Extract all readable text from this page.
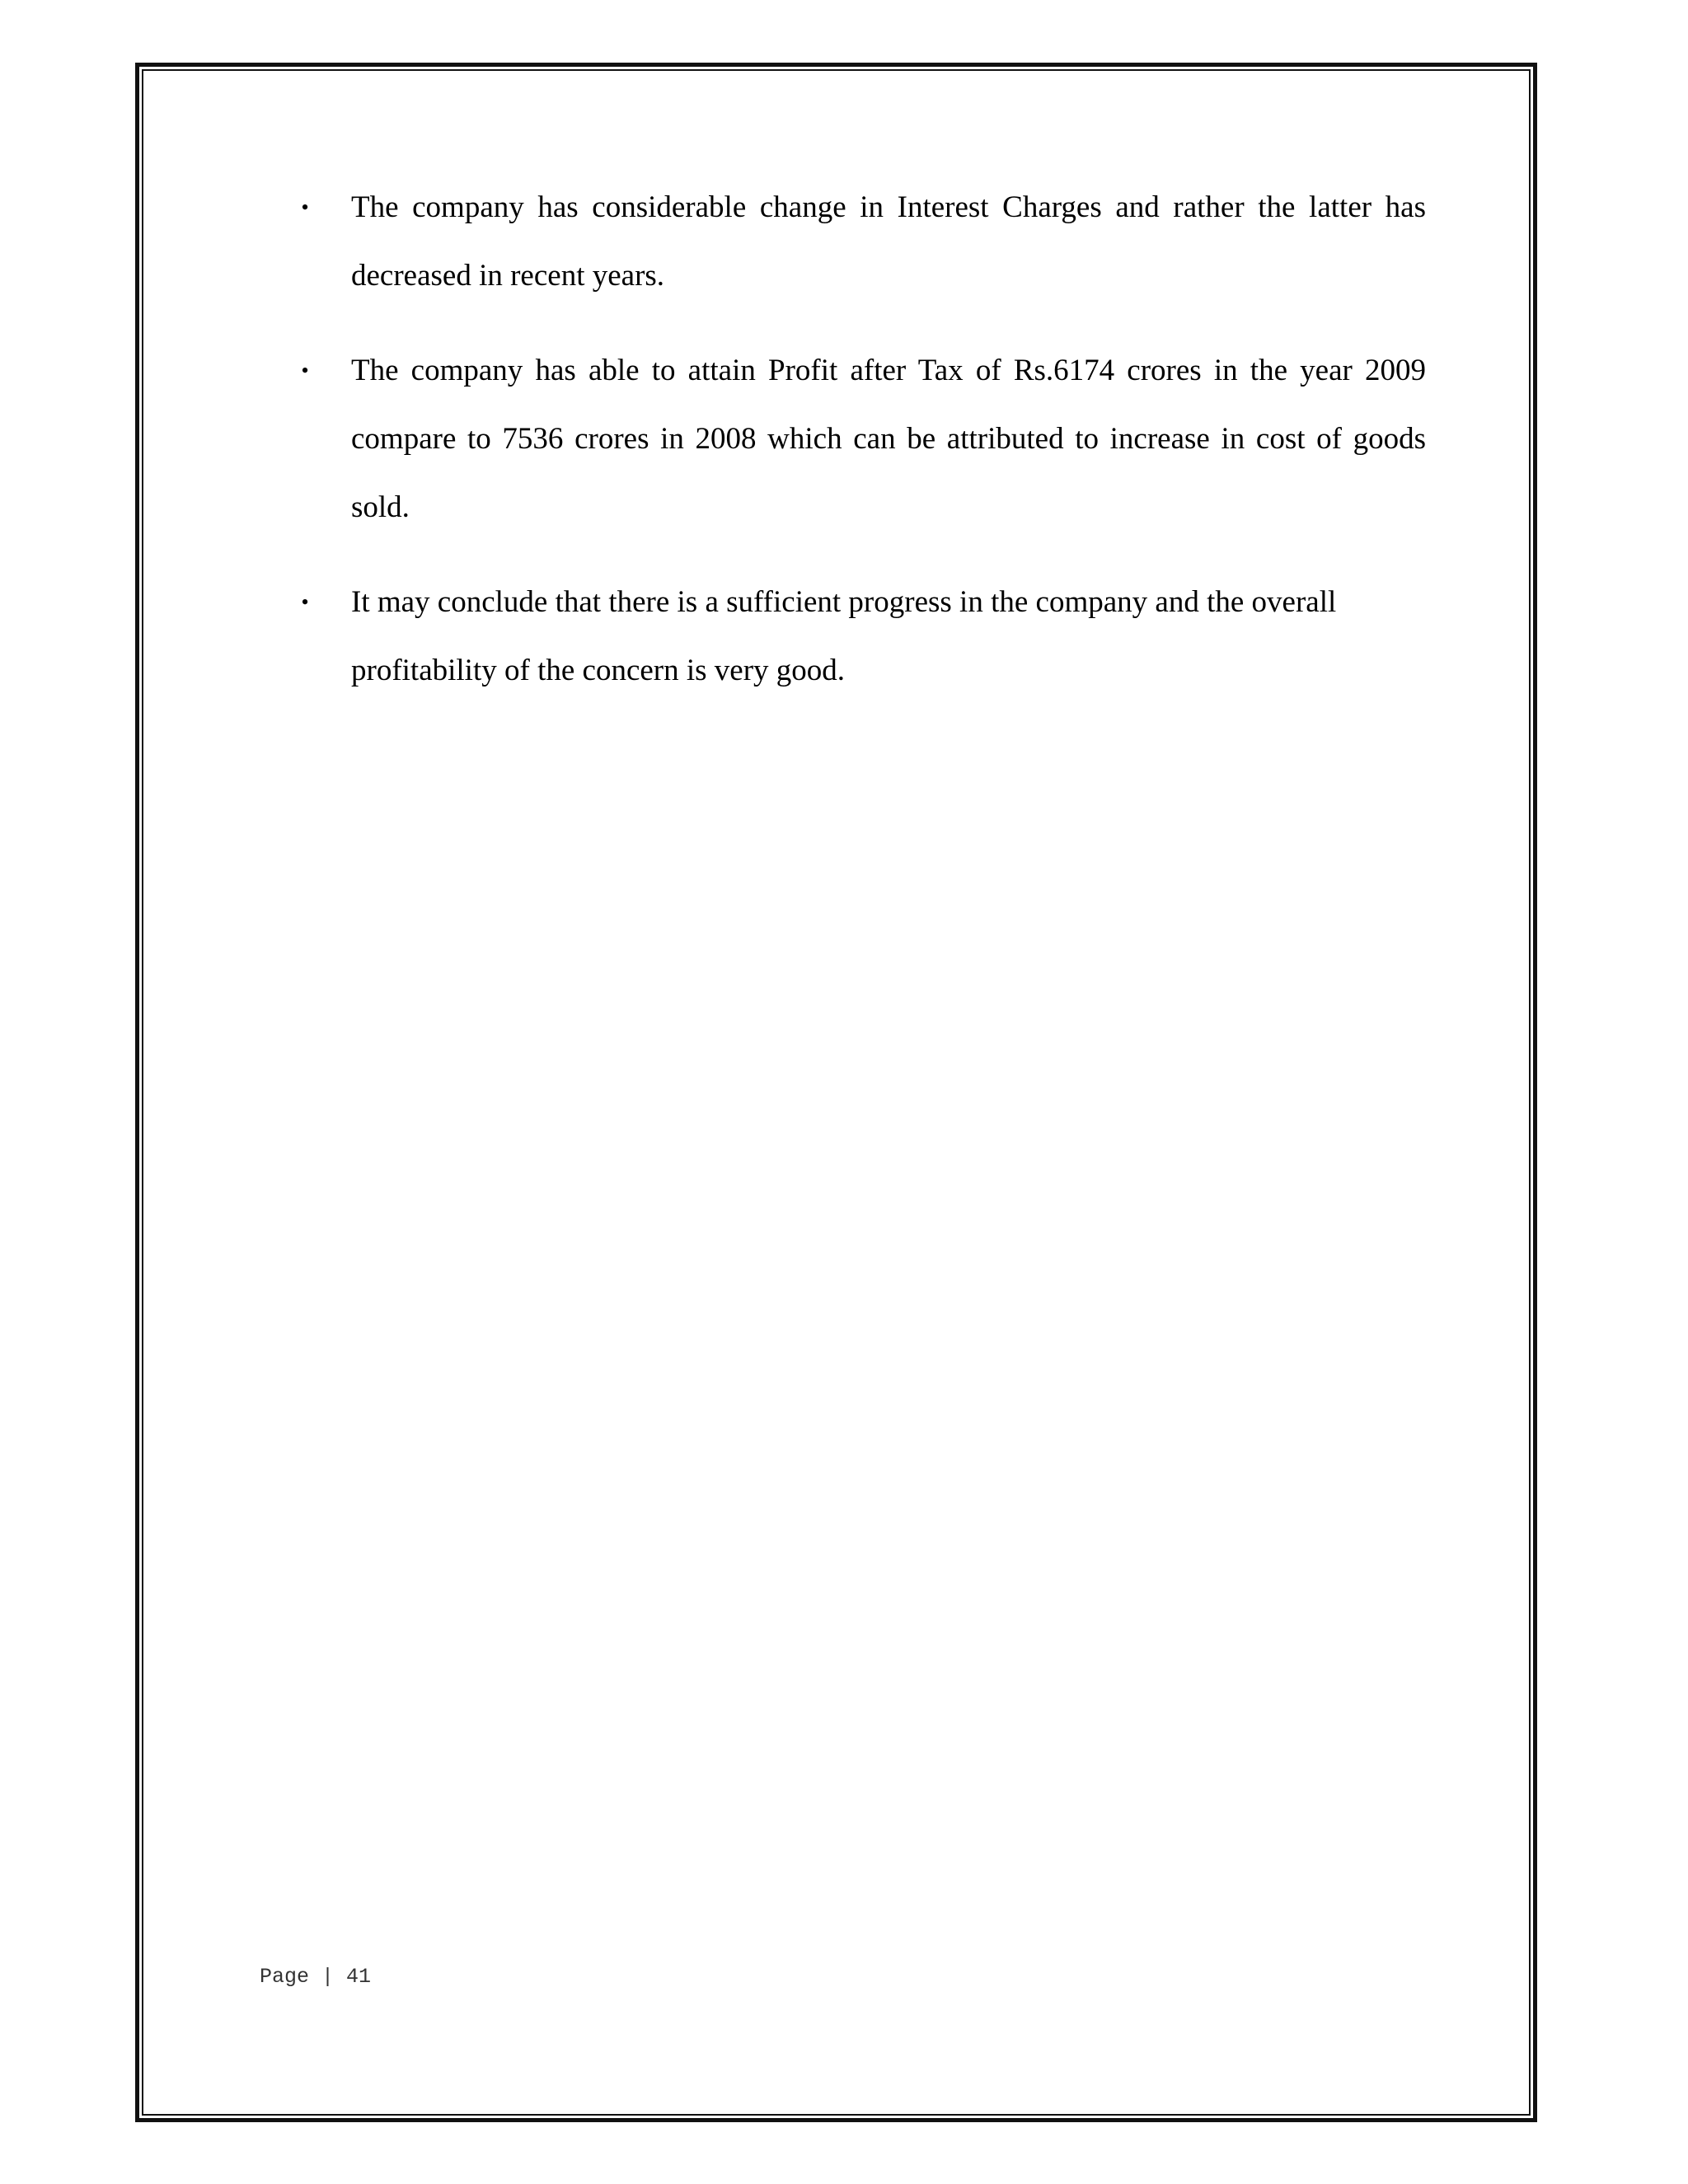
• The company has considerable change in Interest Charges and rather the latter has decreased in recent years.
• The company has able to attain Profit after Tax of Rs.6174 crores in the year 2009 compare to 7536 crores in 2008 which can be attributed to increase in cost of goods sold.
• It may conclude that there is a sufficient progress in the company and the overall profitability of the concern is very good.
Page | 41
